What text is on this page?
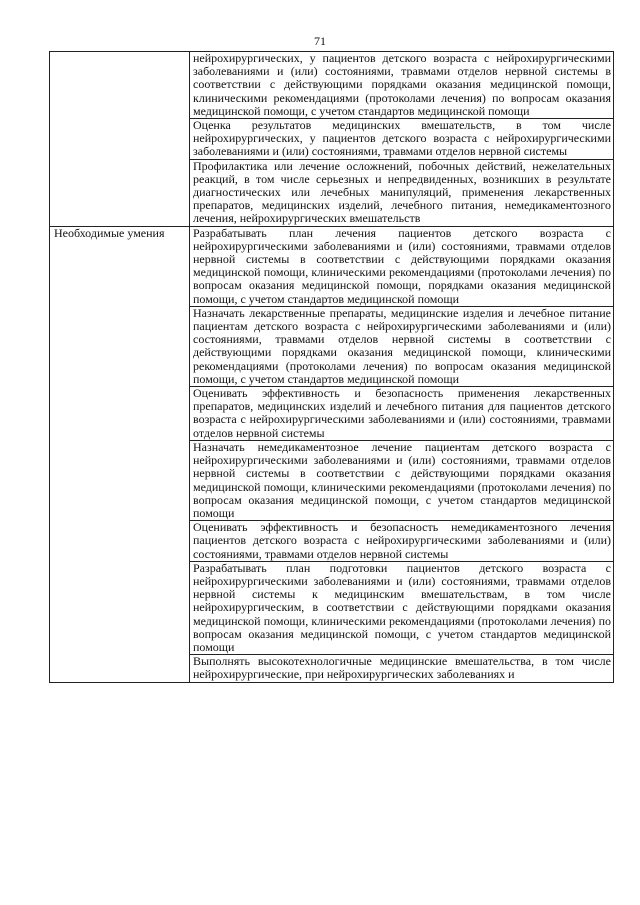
71
	нейрохирургических, у пациентов детского возраста с нейрохирургическими заболеваниями и (или) состояниями, травмами отделов нервной системы в соответствии с действующими порядками оказания медицинской помощи, клиническими рекомендациями (протоколами лечения) по вопросам оказания медицинской помощи, с учетом стандартов медицинской помощи
	Оценка результатов медицинских вмешательств, в том числе нейрохирургических, у пациентов детского возраста с нейрохирургическими заболеваниями и (или) состояниями, травмами отделов нервной системы
	Профилактика или лечение осложнений, побочных действий, нежелательных реакций, в том числе серьезных и непредвиденных, возникших в результате диагностических или лечебных манипуляций, применения лекарственных препаратов, медицинских изделий, лечебного питания, немедикаментозного лечения, нейрохирургических вмешательств
Необходимые умения	Разрабатывать план лечения пациентов детского возраста с нейрохирургическими заболеваниями и (или) состояниями, травмами отделов нервной системы в соответствии с действующими порядками оказания медицинской помощи, клиническими рекомендациями (протоколами лечения) по вопросам оказания медицинской помощи, порядками оказания медицинской помощи, с учетом стандартов медицинской помощи
	Назначать лекарственные препараты, медицинские изделия и лечебное питание пациентам детского возраста с нейрохирургическими заболеваниями и (или) состояниями, травмами отделов нервной системы в соответствии с действующими порядками оказания медицинской помощи, клиническими рекомендациями (протоколами лечения) по вопросам оказания медицинской помощи, с учетом стандартов медицинской помощи
	Оценивать эффективность и безопасность применения лекарственных препаратов, медицинских изделий и лечебного питания для пациентов детского возраста с нейрохирургическими заболеваниями и (или) состояниями, травмами отделов нервной системы
	Назначать немедикаментозное лечение пациентам детского возраста с нейрохирургическими заболеваниями и (или) состояниями, травмами отделов нервной системы в соответствии с действующими порядками оказания медицинской помощи, клиническими рекомендациями (протоколами лечения) по вопросам оказания медицинской помощи, с учетом стандартов медицинской помощи
	Оценивать эффективность и безопасность немедикаментозного лечения пациентов детского возраста с нейрохирургическими заболеваниями и (или) состояниями, травмами отделов нервной системы
	Разрабатывать план подготовки пациентов детского возраста с нейрохирургическими заболеваниями и (или) состояниями, травмами отделов нервной системы к медицинским вмешательствам, в том числе нейрохирургическим, в соответствии с действующими порядками оказания медицинской помощи, клиническими рекомендациями (протоколами лечения) по вопросам оказания медицинской помощи, с учетом стандартов медицинской помощи
	Выполнять высокотехнологичные медицинские вмешательства, в том числе нейрохирургические, при нейрохирургических заболеваниях и
